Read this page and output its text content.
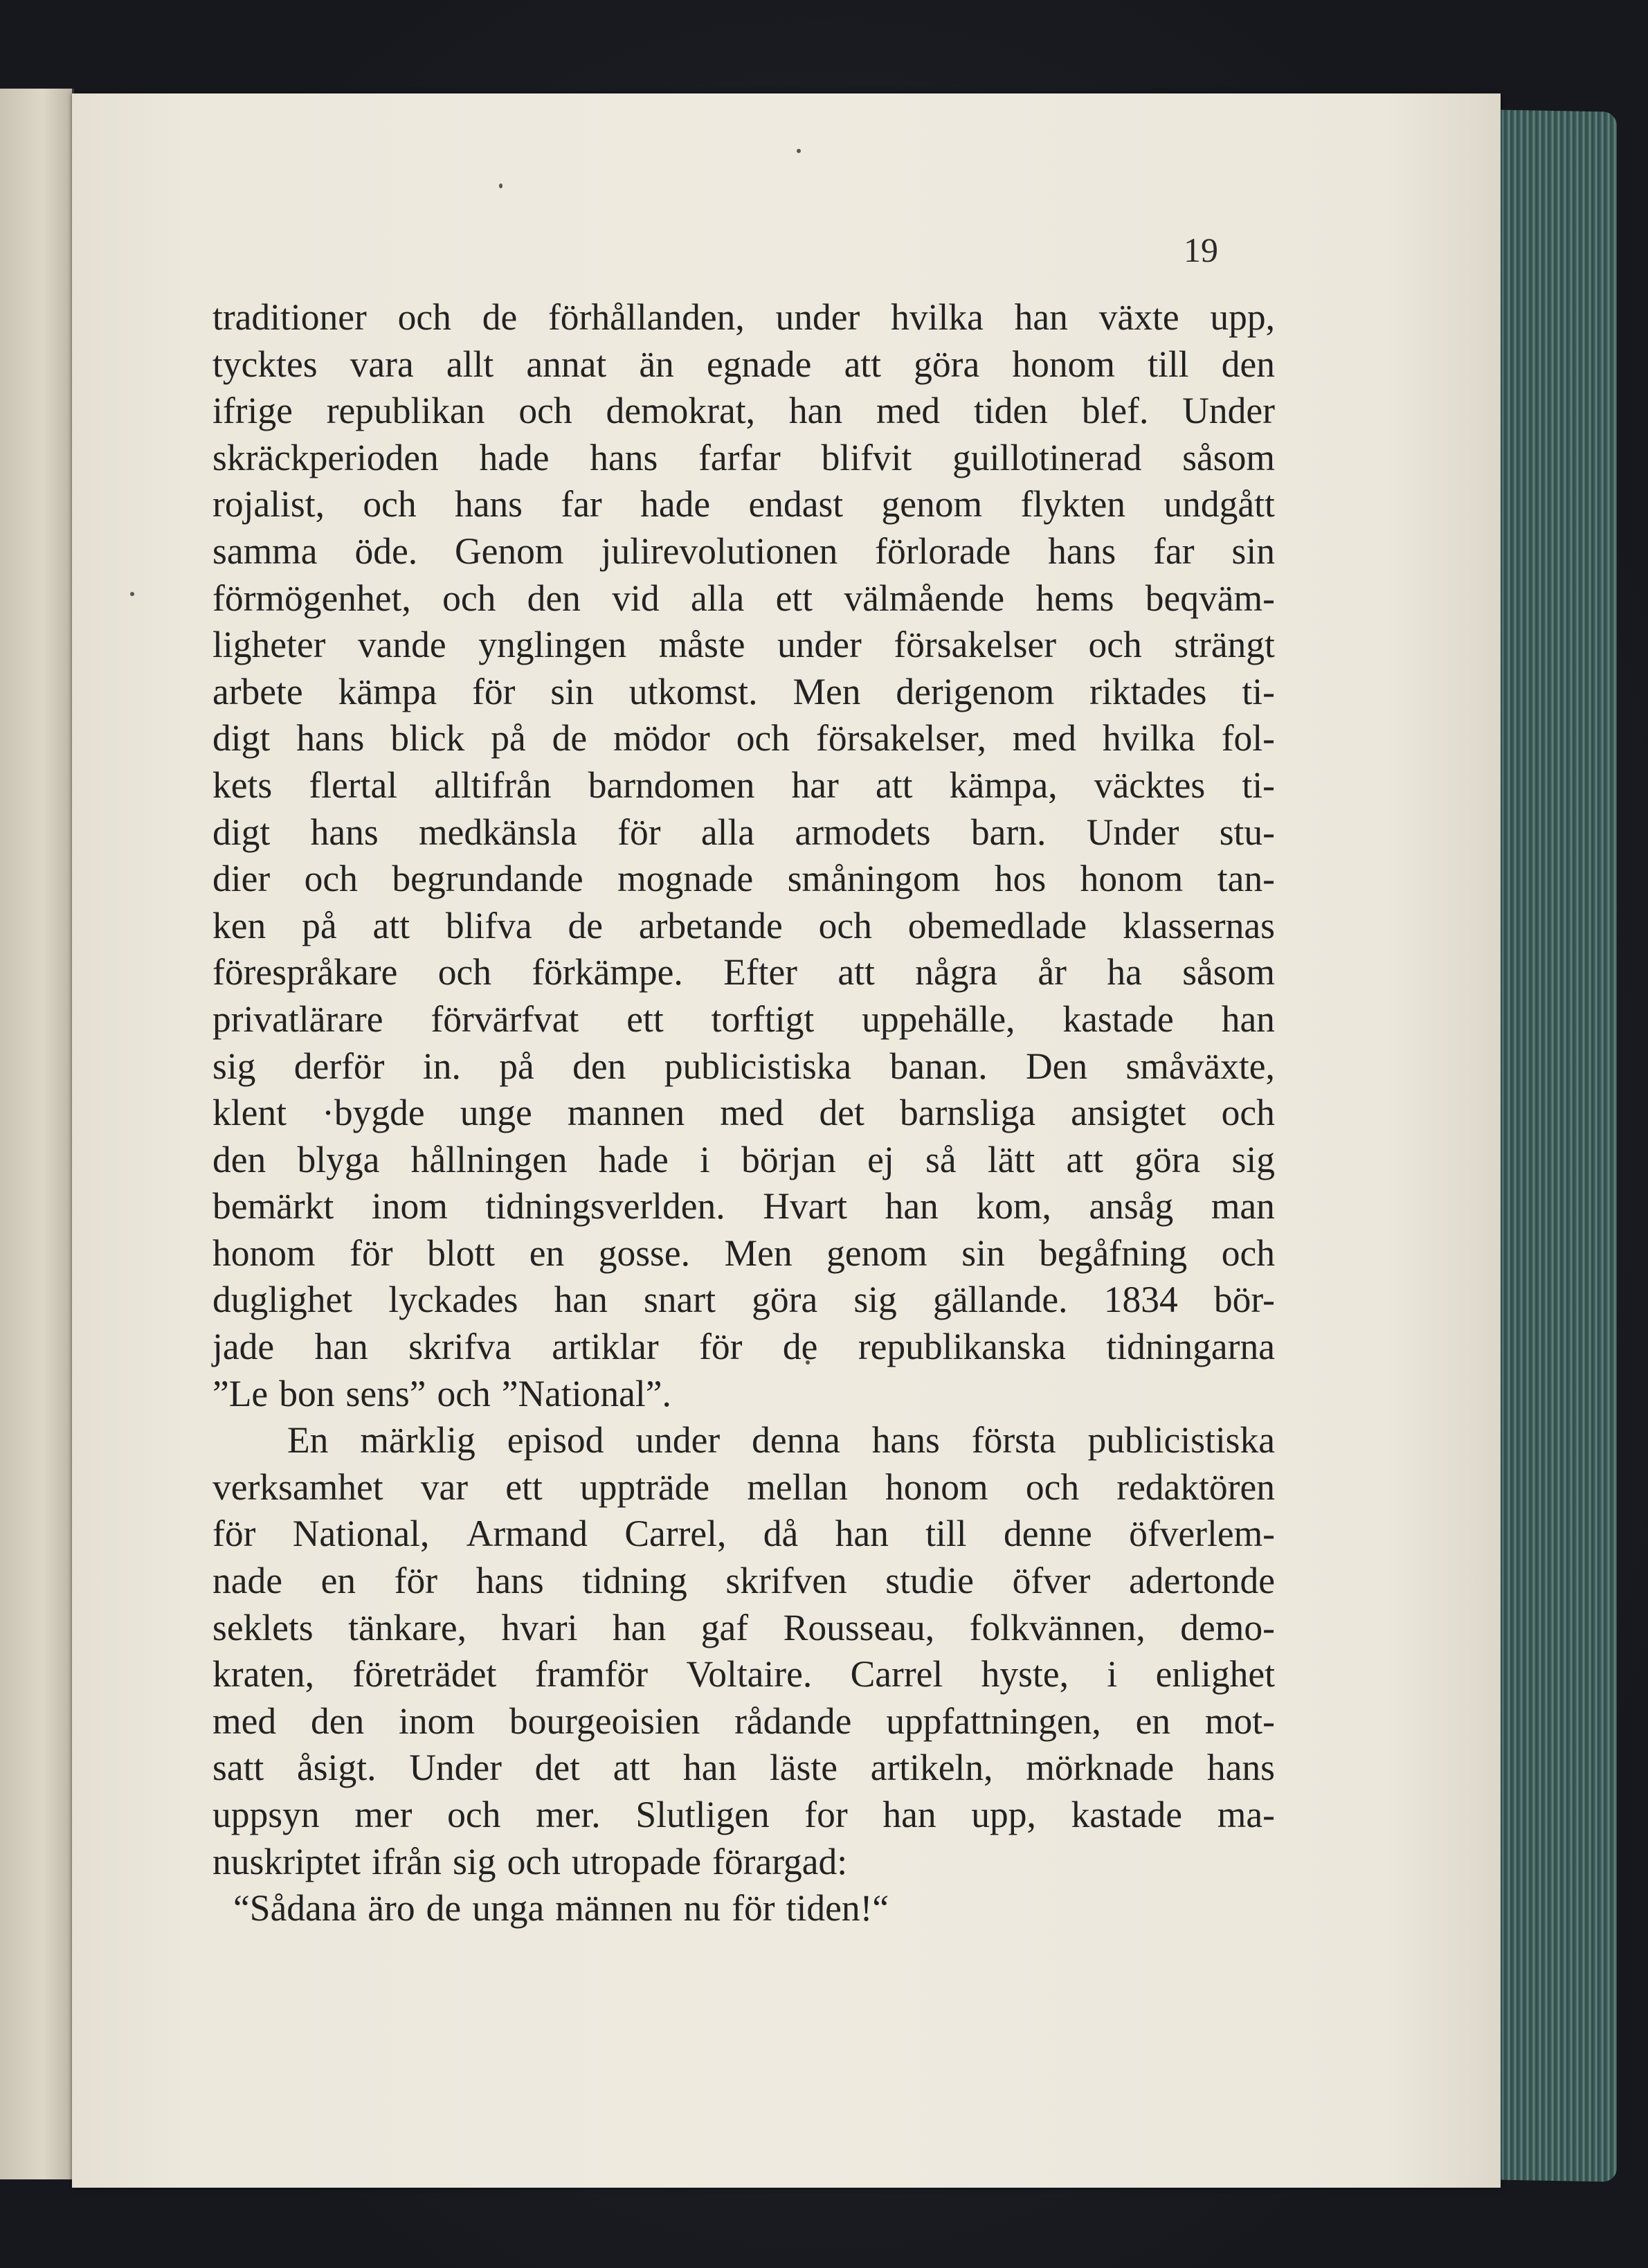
19
traditioner och de förhållanden, under hvilka han växte upp,
tycktes vara allt annat än egnade att göra honom till den
ifrige republikan och demokrat, han med tiden blef. Under
skräckperioden hade hans farfar blifvit guillotinerad såsom
rojalist, och hans far hade endast genom flykten undgått
samma öde. Genom julirevolutionen förlorade hans far sin
förmögenhet, och den vid alla ett välmående hems beqväm-
ligheter vande ynglingen måste under försakelser och strängt
arbete kämpa för sin utkomst. Men derigenom riktades ti-
digt hans blick på de mödor och försakelser, med hvilka fol-
kets flertal alltifrån barndomen har att kämpa, väcktes ti-
digt hans medkänsla för alla armodets barn. Under stu-
dier och begrundande mognade småningom hos honom tan-
ken på att blifva de arbetande och obemedlade klassernas
förespråkare och förkämpe. Efter att några år ha såsom
privatlärare förvärfvat ett torftigt uppehälle, kastade han
sig derför in. på den publicistiska banan. Den småväxte,
klent ·bygde unge mannen med det barnsliga ansigtet och
den blyga hållningen hade i början ej så lätt att göra sig
bemärkt inom tidningsverlden. Hvart han kom, ansåg man
honom för blott en gosse. Men genom sin begåfning och
duglighet lyckades han snart göra sig gällande. 1834 bör-
jade han skrifva artiklar för de republikanska tidningarna
”Le bon sens” och ”National”.
En märklig episod under denna hans första publicistiska
verksamhet var ett uppträde mellan honom och redaktören
för National, Armand Carrel, då han till denne öfverlem-
nade en för hans tidning skrifven studie öfver adertonde
seklets tänkare, hvari han gaf Rousseau, folkvännen, demo-
kraten, företrädet framför Voltaire. Carrel hyste, i enlighet
med den inom bourgeoisien rådande uppfattningen, en mot-
satt åsigt. Under det att han läste artikeln, mörknade hans
uppsyn mer och mer. Slutligen for han upp, kastade ma-
nuskriptet ifrån sig och utropade förargad:
“Sådana äro de unga männen nu för tiden!“
